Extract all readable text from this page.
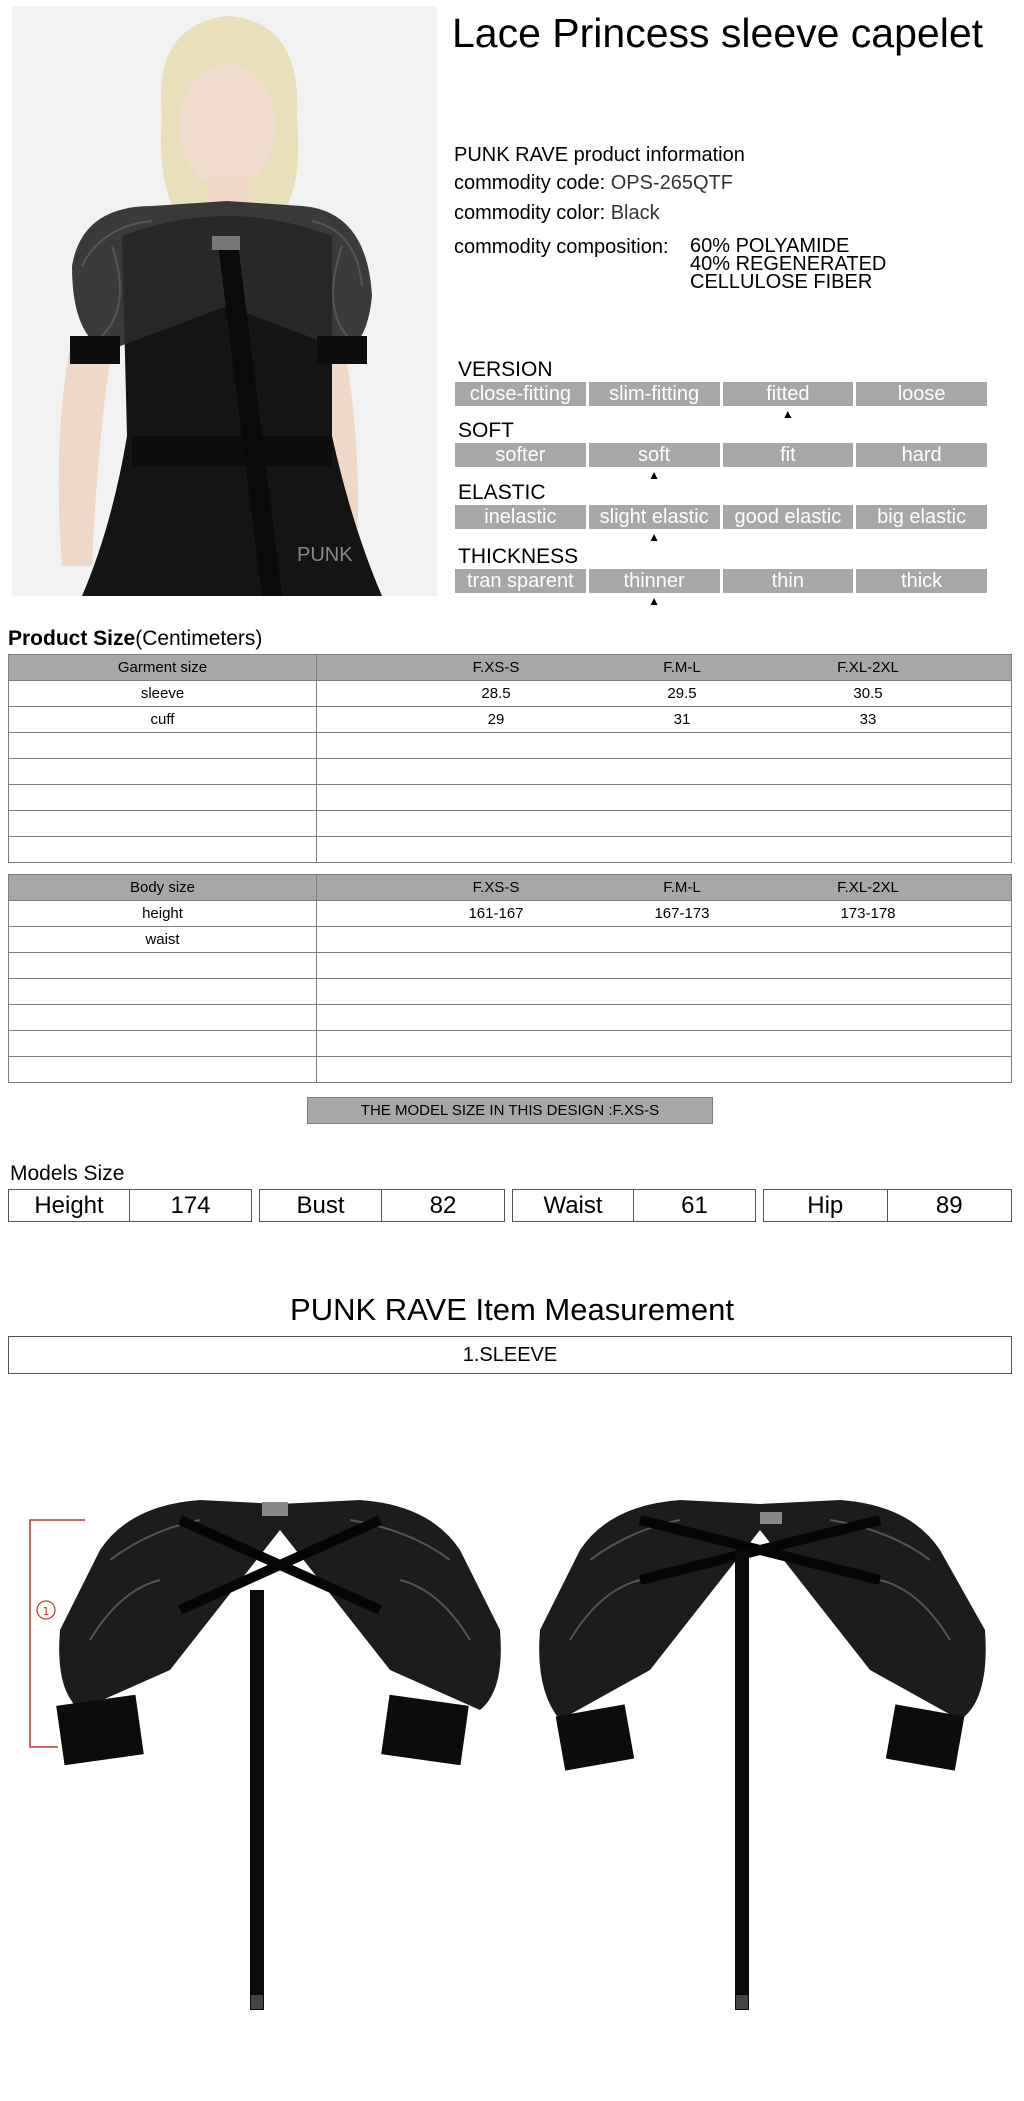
PUNK
Lace Princess sleeve capelet
PUNK RAVE product information
commodity code: OPS-265QTF
commodity color: Black
commodity composition: 60% POLYAMIDE
40% REGENERATED
CELLULOSE FIBER
VERSION
close-fitting	slim-fitting	fitted	loose
▲
SOFT
softer	soft	fit	hard
▲
ELASTIC
inelastic	slight elastic	good elastic	big elastic
▲
THICKNESS
tran sparent	thinner	thin	thick
▲
Product Size(Centimeters)
Garment size	F.XS-S F.M-L F.XL-2XL

sleeve	28.5 29.5 30.5

cuff	29 31 33

Body size	F.XS-S F.M-L F.XL-2XL

height	161-167 167-173 173-178

waist	

THE MODEL SIZE IN THIS DESIGN :F.XS-S
Models Size
Height	174	Bust	82	Waist	61	Hip	89
PUNK RAVE Item Measurement
1.SLEEVE
1
